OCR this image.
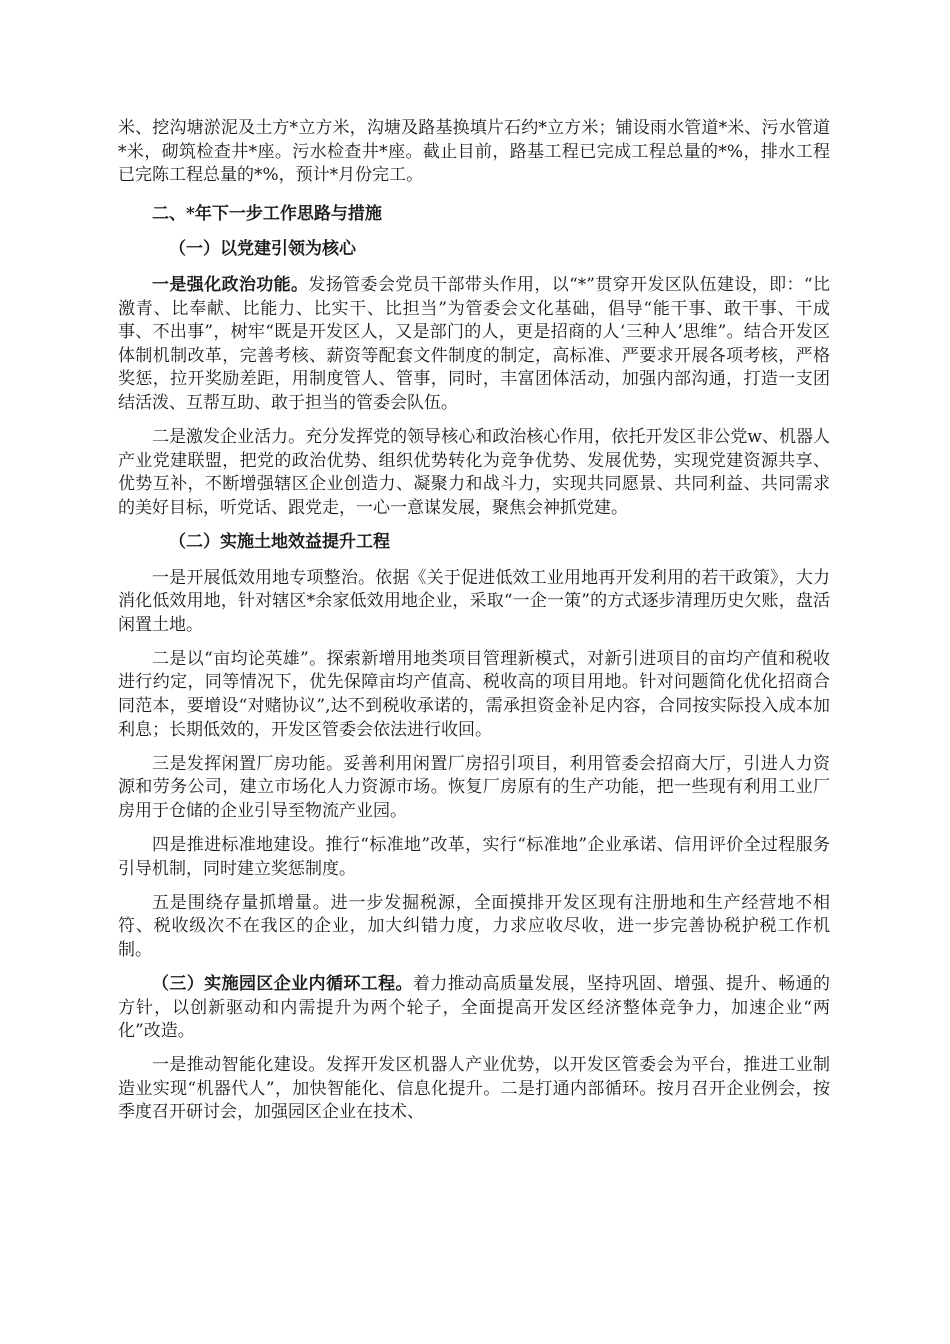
米、挖沟塘淤泥及土方*立方米，沟塘及路基换填片石约*立方米；铺设雨水管道*米、污水管道*米，砌筑检查井*座。污水检查井*座。截止目前，路基工程已完成工程总量的*%，排水工程已完陈工程总量的*%，预计*月份完工。

二、*年下一步工作思路与措施

（一）以党建引领为核心

一是强化政治功能。发扬管委会党员干部带头作用，以“*”贯穿开发区队伍建设，即：“比激青、比奉献、比能力、比实干、比担当”为管委会文化基础，倡导“能干事、敢干事、干成事、不出事”，树牢“既是开发区人，又是部门的人，更是招商的人‘三种人’思维”。结合开发区体制机制改革，完善考核、薪资等配套文件制度的制定，高标准、严要求开展各项考核，严格奖惩，拉开奖励差距，用制度管人、管事，同时，丰富团体活动，加强内部沟通，打造一支团结活泼、互帮互助、敢于担当的管委会队伍。

二是激发企业活力。充分发挥党的领导核心和政治核心作用，依托开发区非公党w、机器人产业党建联盟，把党的政治优势、组织优势转化为竞争优势、发展优势，实现党建资源共享、优势互补，不断增强辖区企业创造力、凝聚力和战斗力，实现共同愿景、共同利益、共同需求的美好目标，听党话、跟党走，一心一意谋发展，聚焦会神抓党建。

（二）实施土地效益提升工程

一是开展低效用地专项整治。依据《关于促进低效工业用地再开发利用的若干政策》，大力消化低效用地，针对辖区*余家低效用地企业，采取“一企一策”的方式逐步清理历史欠账，盘活闲置土地。

二是以“亩均论英雄”。探索新增用地类项目管理新模式，对新引进项目的亩均产值和税收进行约定，同等情况下，优先保障亩均产值高、税收高的项目用地。针对问题简化优化招商合同范本，要增设“对赌协议”,达不到税收承诺的，需承担资金补足内容，合同按实际投入成本加利息；长期低效的，开发区管委会依法进行收回。

三是发挥闲置厂房功能。妥善利用闲置厂房招引项目，利用管委会招商大厅，引进人力资源和劳务公司，建立市场化人力资源市场。恢复厂房原有的生产功能，把一些现有利用工业厂房用于仓储的企业引导至物流产业园。

四是推进标准地建设。推行“标准地”改革，实行“标准地”企业承诺、信用评价全过程服务引导机制，同时建立奖惩制度。

五是围绕存量抓增量。进一步发掘税源，全面摸排开发区现有注册地和生产经营地不相符、税收级次不在我区的企业，加大纠错力度，力求应收尽收，进一步完善协税护税工作机制。

（三）实施园区企业内循环工程。着力推动高质量发展，坚持巩固、增强、提升、畅通的方针，以创新驱动和内需提升为两个轮子，全面提高开发区经济整体竞争力，加速企业“两化”改造。

一是推动智能化建设。发挥开发区机器人产业优势，以开发区管委会为平台，推进工业制造业实现“机器代人”，加快智能化、信息化提升。二是打通内部循环。按月召开企业例会，按季度召开研讨会，加强园区企业在技术、
